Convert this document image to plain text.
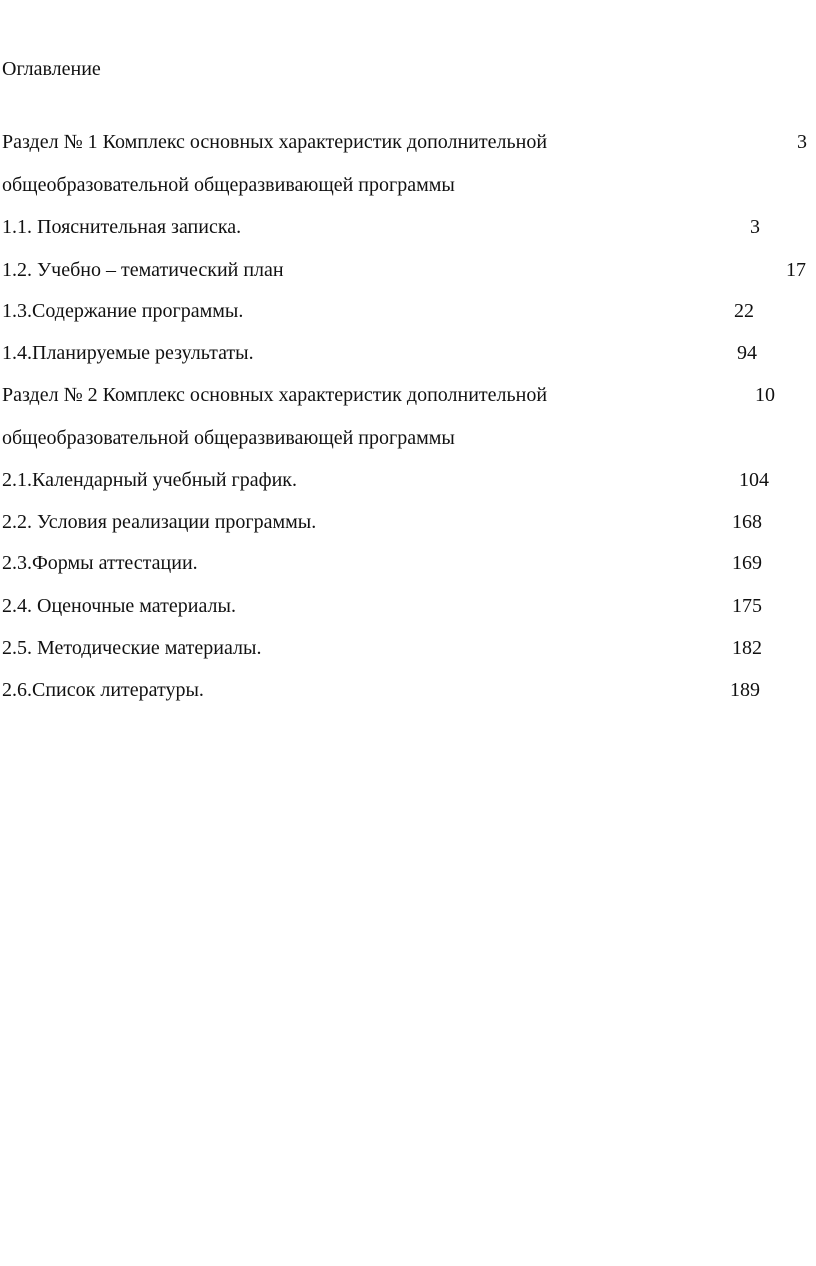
Оглавление
Раздел № 1 Комплекс основных характеристик дополнительной	3
общеобразовательной общеразвивающей программы
1.1. Пояснительная записка.	3
1.2. Учебно – тематический план	17
1.3.Содержание программы.	22
1.4.Планируемые результаты.	94
Раздел № 2 Комплекс основных характеристик дополнительной	10
общеобразовательной общеразвивающей программы
2.1.Календарный учебный график.	104
2.2. Условия реализации программы.	168
2.3.Формы аттестации.	169
2.4. Оценочные материалы.	175
2.5. Методические материалы.	182
2.6.Список литературы.	189
